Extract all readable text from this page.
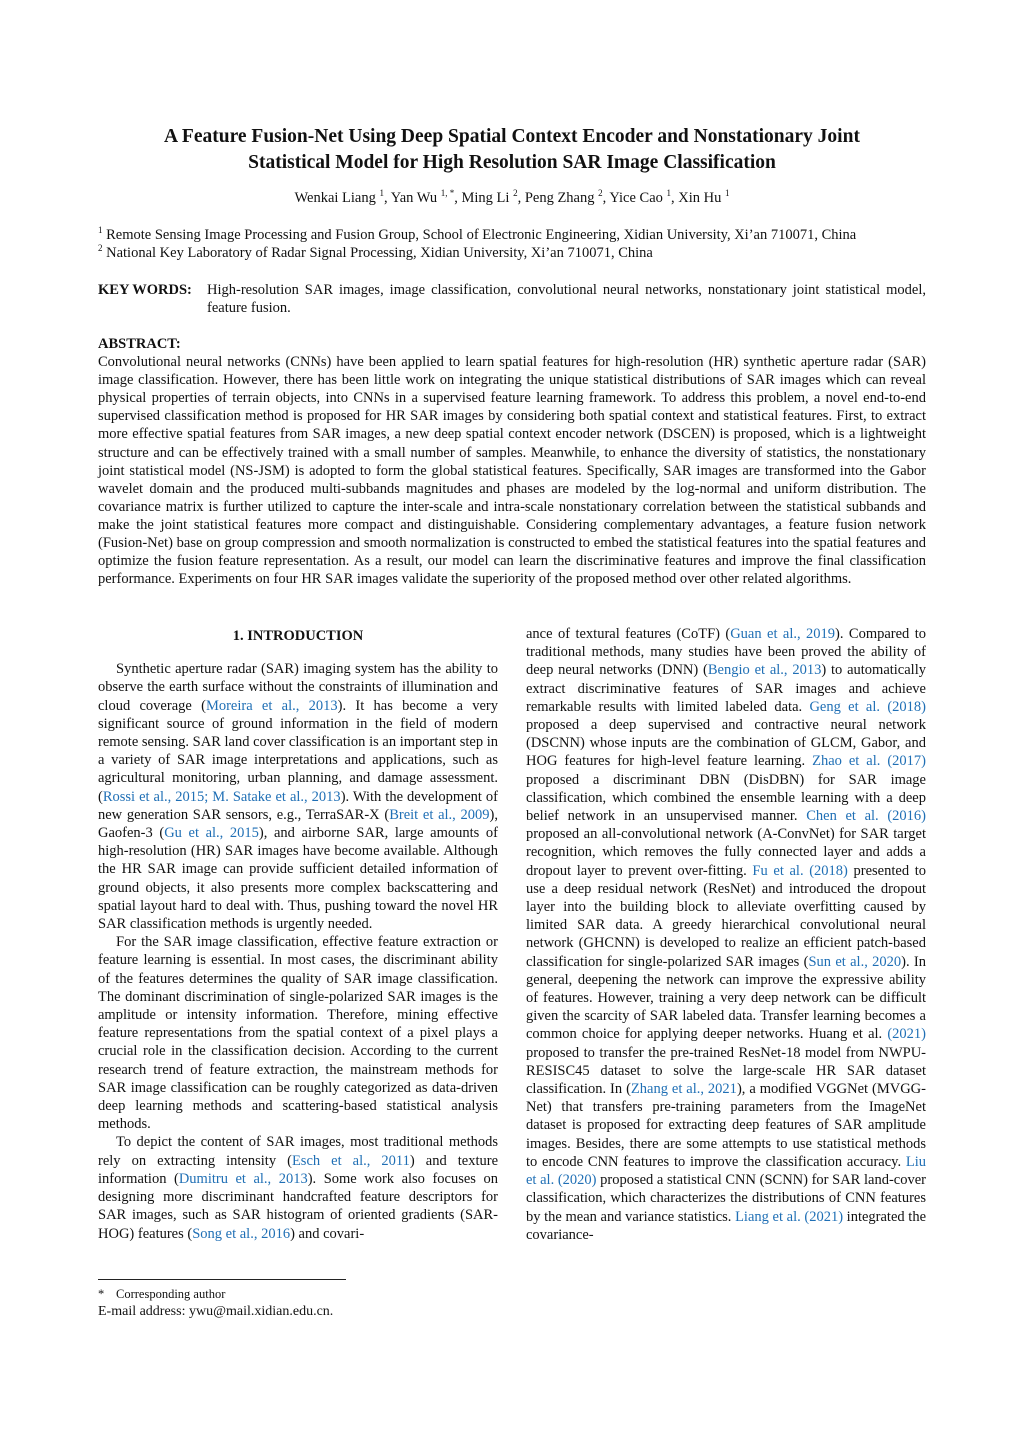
A Feature Fusion-Net Using Deep Spatial Context Encoder and Nonstationary Joint
Statistical Model for High Resolution SAR Image Classification
Wenkai Liang $^1$, Yan Wu $^{1, *}$, Ming Li $^2$, Peng Zhang $^2$, Yice Cao $^1$, Xin Hu $^1$
$^1$ Remote Sensing Image Processing and Fusion Group, School of Electronic Engineering, Xidian University, Xi’an 710071, China
$^2$ National Key Laboratory of Radar Signal Processing, Xidian University, Xi’an 710071, China
KEY WORDS:	High-resolution SAR images, image classification, convolutional neural networks, nonstationary joint statistical model, feature fusion.
ABSTRACT:
Convolutional neural networks (CNNs) have been applied to learn spatial features for high-resolution (HR) synthetic aperture radar (SAR) image classification. However, there has been little work on integrating the unique statistical distributions of SAR images which can reveal physical properties of terrain objects, into CNNs in a supervised feature learning framework. To address this problem, a novel end-to-end supervised classification method is proposed for HR SAR images by considering both spatial context and statistical features. First, to extract more effective spatial features from SAR images, a new deep spatial context encoder network (DSCEN) is proposed, which is a lightweight structure and can be effectively trained with a small number of samples. Meanwhile, to enhance the diversity of statistics, the nonstationary joint statistical model (NS-JSM) is adopted to form the global statistical features. Specifically, SAR images are transformed into the Gabor wavelet domain and the produced multi-subbands magnitudes and phases are modeled by the log-normal and uniform distribution. The covariance matrix is further utilized to capture the inter-scale and intra-scale nonstationary correlation between the statistical subbands and make the joint statistical features more compact and distinguishable. Considering complementary advantages, a feature fusion network (Fusion-Net) base on group compression and smooth normalization is constructed to embed the statistical features into the spatial features and optimize the fusion feature representation. As a result, our model can learn the discriminative features and improve the final classification performance. Experiments on four HR SAR images validate the superiority of the proposed method over other related algorithms.
1. INTRODUCTION

Synthetic aperture radar (SAR) imaging system has the ability to observe the earth surface without the constraints of illumination and cloud coverage (Moreira et al., 2013). It has become a very significant source of ground information in the field of modern remote sensing. SAR land cover classification is an important step in a variety of SAR image interpretations and applications, such as agricultural monitoring, urban planning, and damage assessment. (Rossi et al., 2015; M. Satake et al., 2013). With the development of new generation SAR sensors, e.g., TerraSAR-X (Breit et al., 2009), Gaofen-3 (Gu et al., 2015), and airborne SAR, large amounts of high-resolution (HR) SAR images have become available. Although the HR SAR image can provide sufficient detailed information of ground objects, it also presents more complex backscattering and spatial layout hard to deal with. Thus, pushing toward the novel HR SAR classification methods is urgently needed.

For the SAR image classification, effective feature extraction or feature learning is essential. In most cases, the discriminant ability of the features determines the quality of SAR image classification. The dominant discrimination of single-polarized SAR images is the amplitude or intensity information. Therefore, mining effective feature representations from the spatial context of a pixel plays a crucial role in the classification decision. According to the current research trend of feature extraction, the mainstream methods for SAR image classification can be roughly categorized as data-driven deep learning methods and scattering-based statistical analysis methods.

To depict the content of SAR images, most traditional methods rely on extracting intensity (Esch et al., 2011) and texture information (Dumitru et al., 2013). Some work also focuses on designing more discriminant handcrafted feature descriptors for SAR images, such as SAR histogram of oriented gradients (SAR-HOG) features (Song et al., 2016) and covari-

ance of textural features (CoTF) (Guan et al., 2019). Compared to traditional methods, many studies have been proved the ability of deep neural networks (DNN) (Bengio et al., 2013) to automatically extract discriminative features of SAR images and achieve remarkable results with limited labeled data. Geng et al. (2018) proposed a deep supervised and contractive neural network (DSCNN) whose inputs are the combination of GLCM, Gabor, and HOG features for high-level feature learning. Zhao et al. (2017) proposed a discriminant DBN (DisDBN) for SAR image classification, which combined the ensemble learning with a deep belief network in an unsupervised manner. Chen et al. (2016) proposed an all-convolutional network (A-ConvNet) for SAR target recognition, which removes the fully connected layer and adds a dropout layer to prevent over-fitting. Fu et al. (2018) presented to use a deep residual network (ResNet) and introduced the dropout layer into the building block to alleviate overfitting caused by limited SAR data. A greedy hierarchical convolutional neural network (GHCNN) is developed to realize an efficient patch-based classification for single-polarized SAR images (Sun et al., 2020). In general, deepening the network can improve the expressive ability of features. However, training a very deep network can be difficult given the scarcity of SAR labeled data. Transfer learning becomes a common choice for applying deeper networks. Huang et al. (2021) proposed to transfer the pre-trained ResNet-18 model from NWPU-RESISC45 dataset to solve the large-scale HR SAR dataset classification. In (Zhang et al., 2021), a modified VGGNet (MVGG-Net) that transfers pre-training parameters from the ImageNet dataset is proposed for extracting deep features of SAR amplitude images. Besides, there are some attempts to use statistical methods to encode CNN features to improve the classification accuracy. Liu et al. (2020) proposed a statistical CNN (SCNN) for SAR land-cover classification, which characterizes the distributions of CNN features by the mean and variance statistics. Liang et al. (2021) integrated the covariance-

* Corresponding author
E-mail address: ywu@mail.xidian.edu.cn.
